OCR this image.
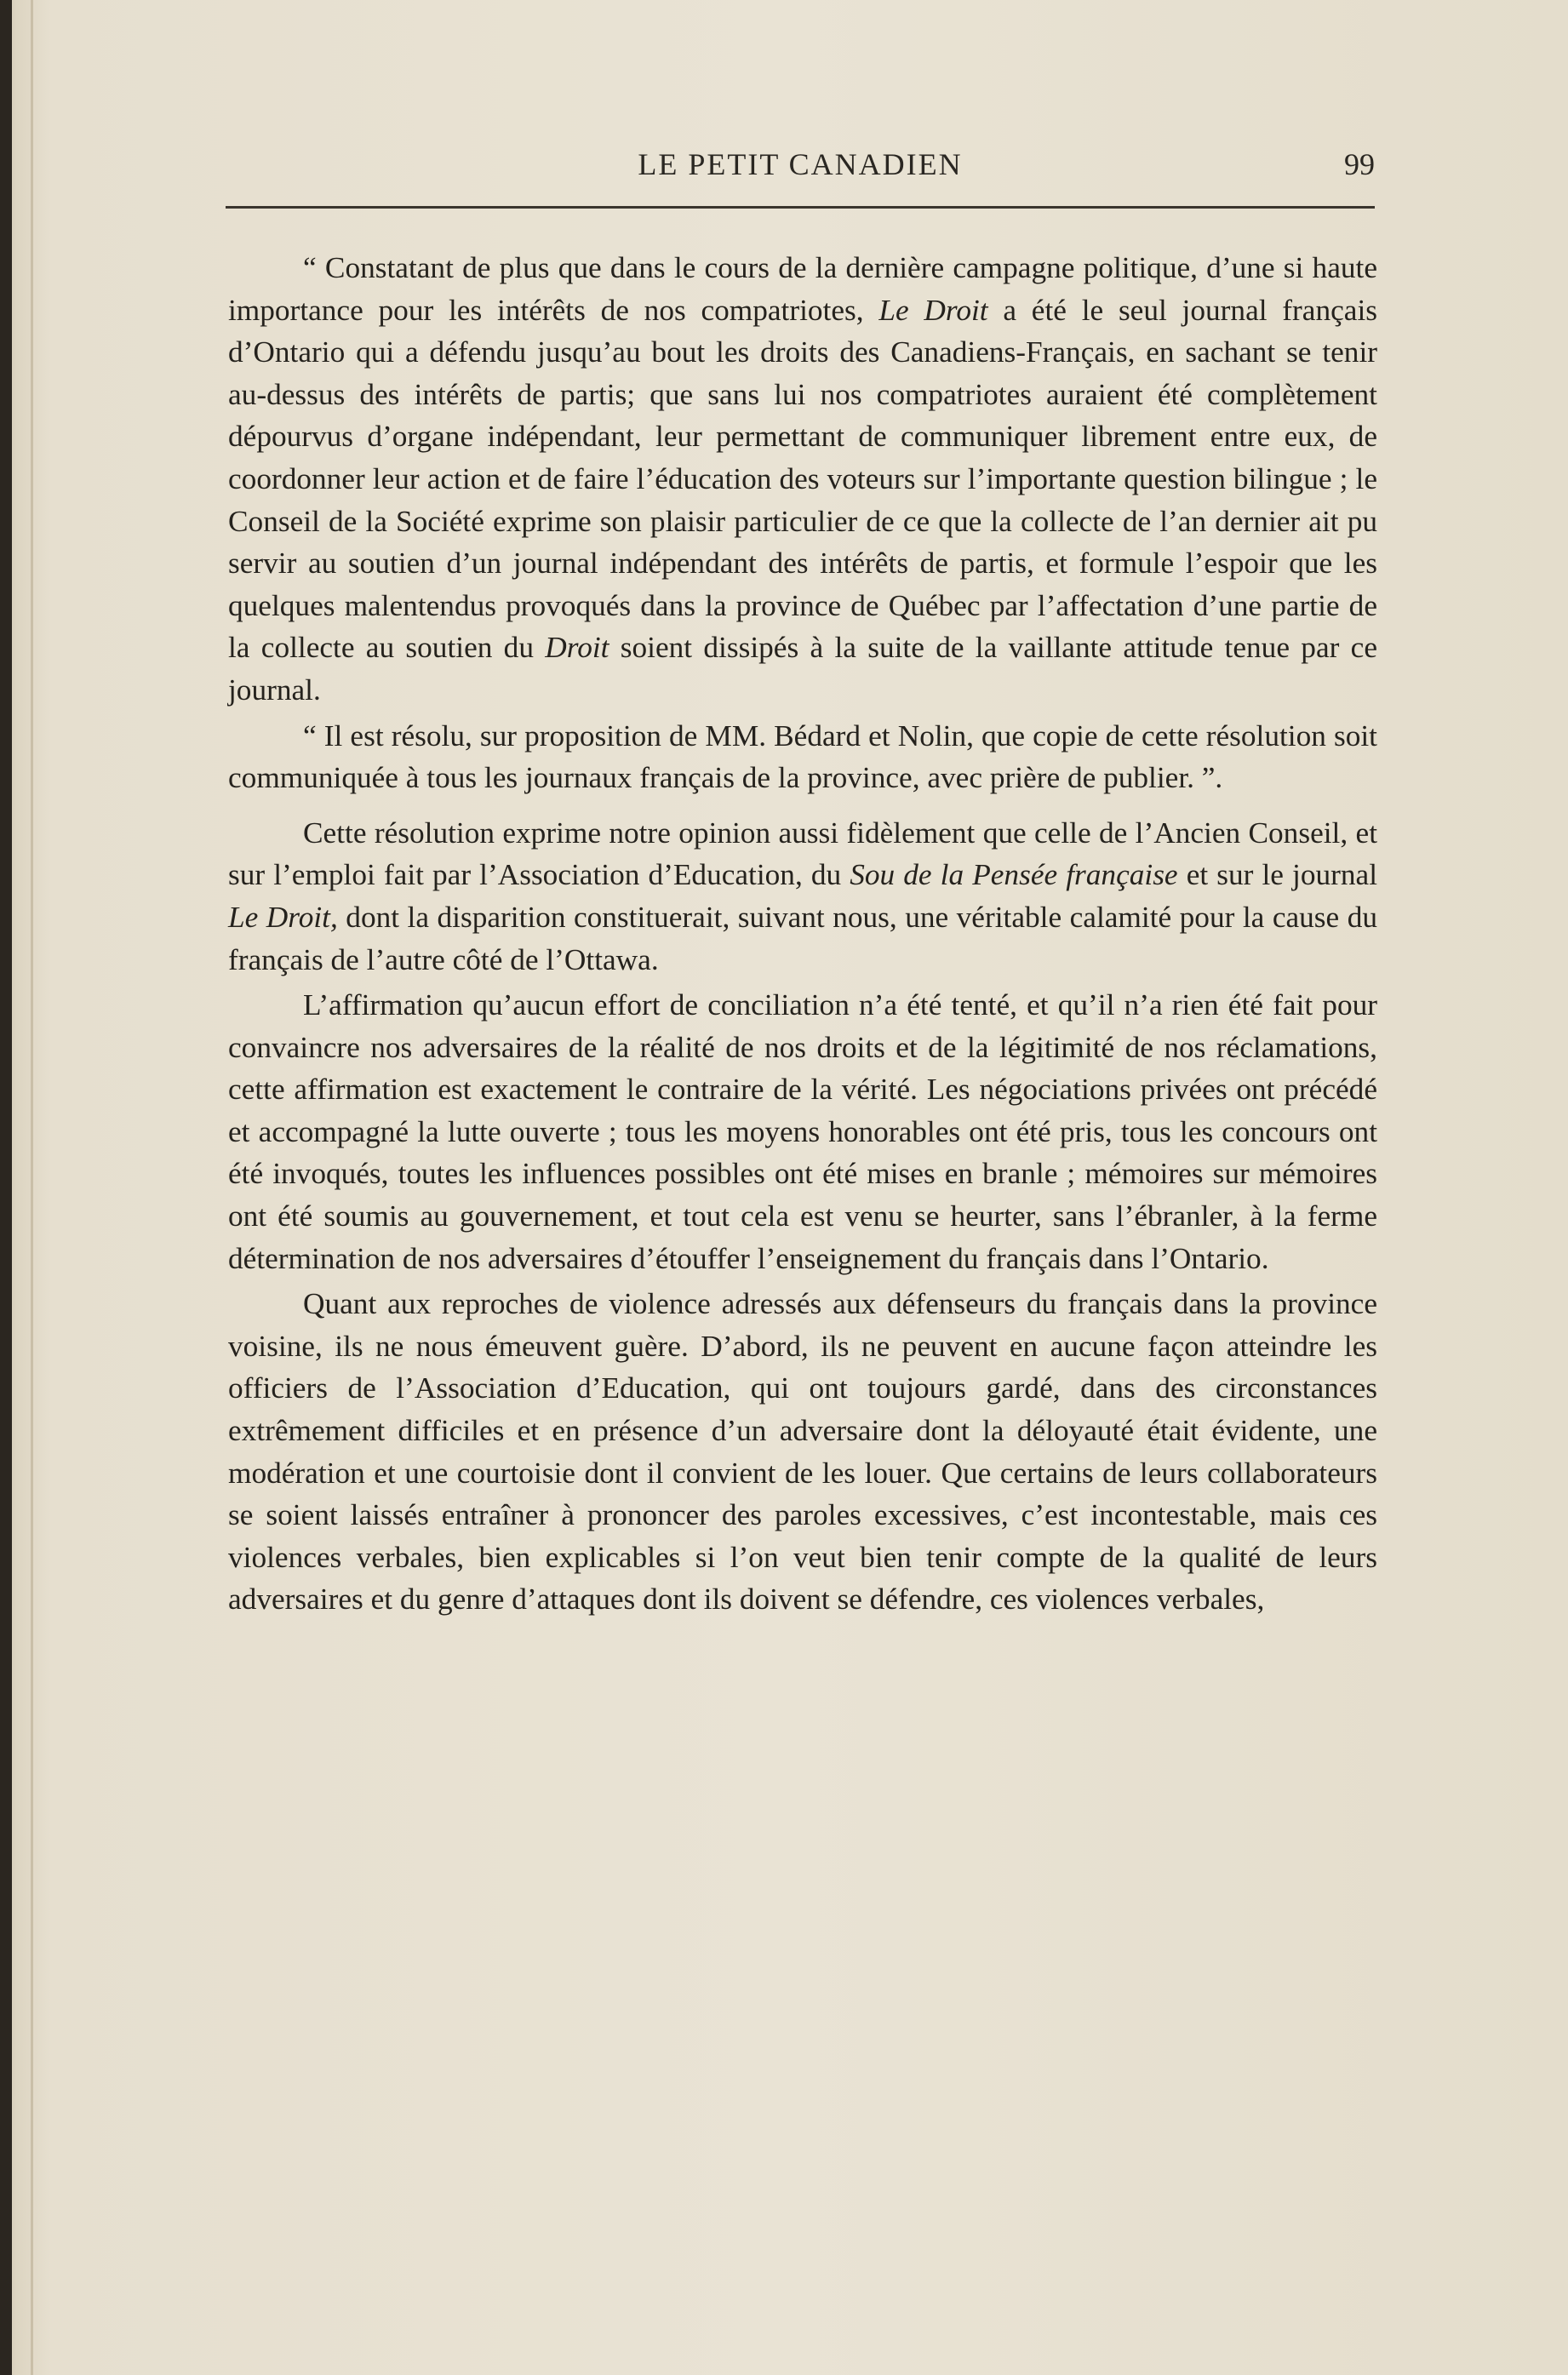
LE PETIT CANADIEN	99

“ Constatant de plus que dans le cours de la dernière campagne politique, d’une si haute importance pour les intérêts de nos compatriotes, Le Droit a été le seul journal français d’Ontario qui a défendu jusqu’au bout les droits des Canadiens-Français, en sachant se tenir au-dessus des intérêts de partis; que sans lui nos compatriotes auraient été complètement dépourvus d’organe indépendant, leur permettant de communiquer librement entre eux, de coordonner leur action et de faire l’éducation des voteurs sur l’importante question bilingue ; le Conseil de la Société exprime son plaisir particulier de ce que la collecte de l’an dernier ait pu servir au soutien d’un journal indépendant des intérêts de partis, et formule l’espoir que les quelques malentendus provoqués dans la province de Québec par l’affectation d’une partie de la collecte au soutien du Droit soient dissipés à la suite de la vaillante attitude tenue par ce journal.

“ Il est résolu, sur proposition de MM. Bédard et Nolin, que copie de cette résolution soit communiquée à tous les journaux français de la province, avec prière de publier. ”.

Cette résolution exprime notre opinion aussi fidèlement que celle de l’Ancien Conseil, et sur l’emploi fait par l’Association d’Education, du Sou de la Pensée française et sur le journal Le Droit, dont la disparition constituerait, suivant nous, une véritable calamité pour la cause du français de l’autre côté de l’Ottawa.

L’affirmation qu’aucun effort de conciliation n’a été tenté, et qu’il n’a rien été fait pour convaincre nos adversaires de la réalité de nos droits et de la légitimité de nos réclamations, cette affirmation est exactement le contraire de la vérité. Les négociations privées ont précédé et accompagné la lutte ouverte ; tous les moyens honorables ont été pris, tous les concours ont été invoqués, toutes les influences possibles ont été mises en branle ; mémoires sur mémoires ont été soumis au gouvernement, et tout cela est venu se heurter, sans l’ébranler, à la ferme détermination de nos adversaires d’étouffer l’enseignement du français dans l’Ontario.

Quant aux reproches de violence adressés aux défenseurs du français dans la province voisine, ils ne nous émeuvent guère. D’abord, ils ne peuvent en aucune façon atteindre les officiers de l’Association d’Education, qui ont toujours gardé, dans des circonstances extrêmement difficiles et en présence d’un adversaire dont la déloyauté était évidente, une modération et une courtoisie dont il convient de les louer. Que certains de leurs collaborateurs se soient laissés entraîner à prononcer des paroles excessives, c’est incontestable, mais ces violences verbales, bien explicables si l’on veut bien tenir compte de la qualité de leurs adversaires et du genre d’attaques dont ils doivent se défendre, ces violences verbales,
